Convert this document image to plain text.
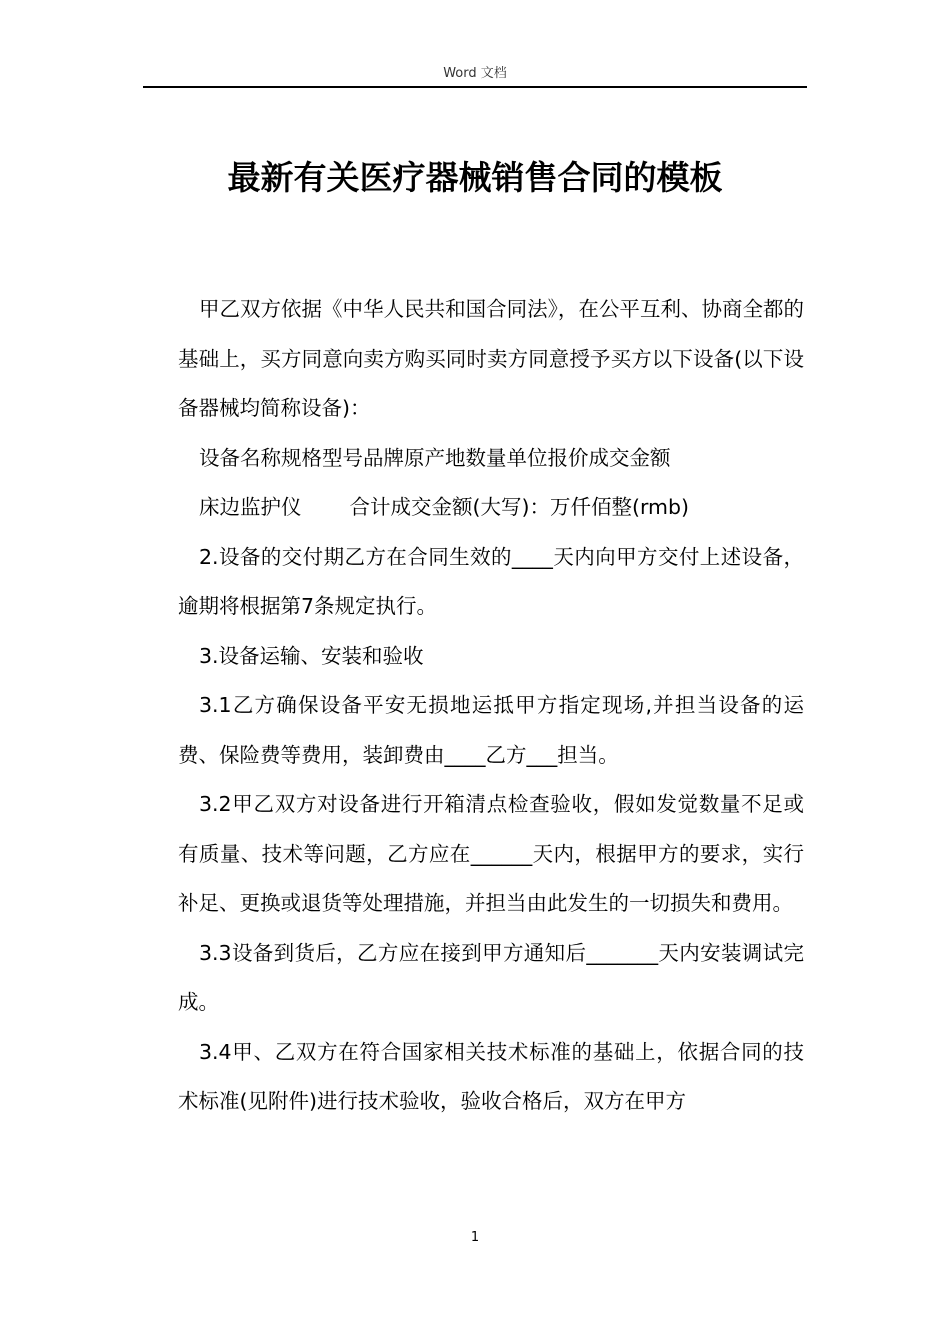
Word 文档
最新有关医疗器械销售合同的模板

甲乙双方依据《中华人民共和国合同法》，在公平互利、协商全都的基础上，买方同意向卖方购买同时卖方同意授予买方以下设备(以下设备器械均简称设备)：

设备名称规格型号品牌原产地数量单位报价成交金额

床边监护仪 合计成交金额(大写)：万仟佰整(rmb)

2.设备的交付期乙方在合同生效的____天内向甲方交付上述设备，逾期将根据第7条规定执行。

3.设备运输、安装和验收

3.1乙方确保设备平安无损地运抵甲方指定现场,并担当设备的运费、保险费等费用，装卸费由____乙方___担当。

3.2甲乙双方对设备进行开箱清点检查验收，假如发觉数量不足或有质量、技术等问题，乙方应在______天内，根据甲方的要求，实行补足、更换或退货等处理措施，并担当由此发生的一切损失和费用。

3.3设备到货后，乙方应在接到甲方通知后_______天内安装调试完成。

3.4甲、乙双方在符合国家相关技术标准的基础上，依据合同的技术标准(见附件)进行技术验收，验收合格后，双方在甲方

1
